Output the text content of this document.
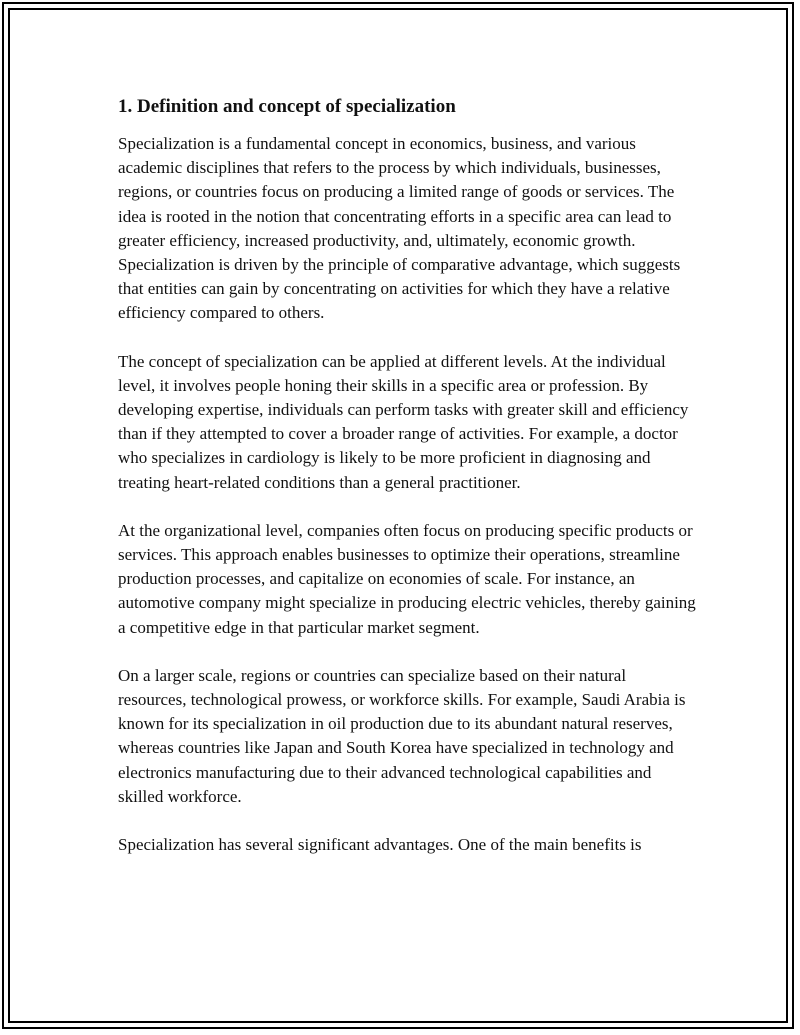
1. Definition and concept of specialization

Specialization is a fundamental concept in economics, business, and various academic disciplines that refers to the process by which individuals, businesses, regions, or countries focus on producing a limited range of goods or services. The idea is rooted in the notion that concentrating efforts in a specific area can lead to greater efficiency, increased productivity, and, ultimately, economic growth. Specialization is driven by the principle of comparative advantage, which suggests that entities can gain by concentrating on activities for which they have a relative efficiency compared to others.

The concept of specialization can be applied at different levels. At the individual level, it involves people honing their skills in a specific area or profession. By developing expertise, individuals can perform tasks with greater skill and efficiency than if they attempted to cover a broader range of activities. For example, a doctor who specializes in cardiology is likely to be more proficient in diagnosing and treating heart-related conditions than a general practitioner.

At the organizational level, companies often focus on producing specific products or services. This approach enables businesses to optimize their operations, streamline production processes, and capitalize on economies of scale. For instance, an automotive company might specialize in producing electric vehicles, thereby gaining a competitive edge in that particular market segment.

On a larger scale, regions or countries can specialize based on their natural resources, technological prowess, or workforce skills. For example, Saudi Arabia is known for its specialization in oil production due to its abundant natural reserves, whereas countries like Japan and South Korea have specialized in technology and electronics manufacturing due to their advanced technological capabilities and skilled workforce.

Specialization has several significant advantages. One of the main benefits is
